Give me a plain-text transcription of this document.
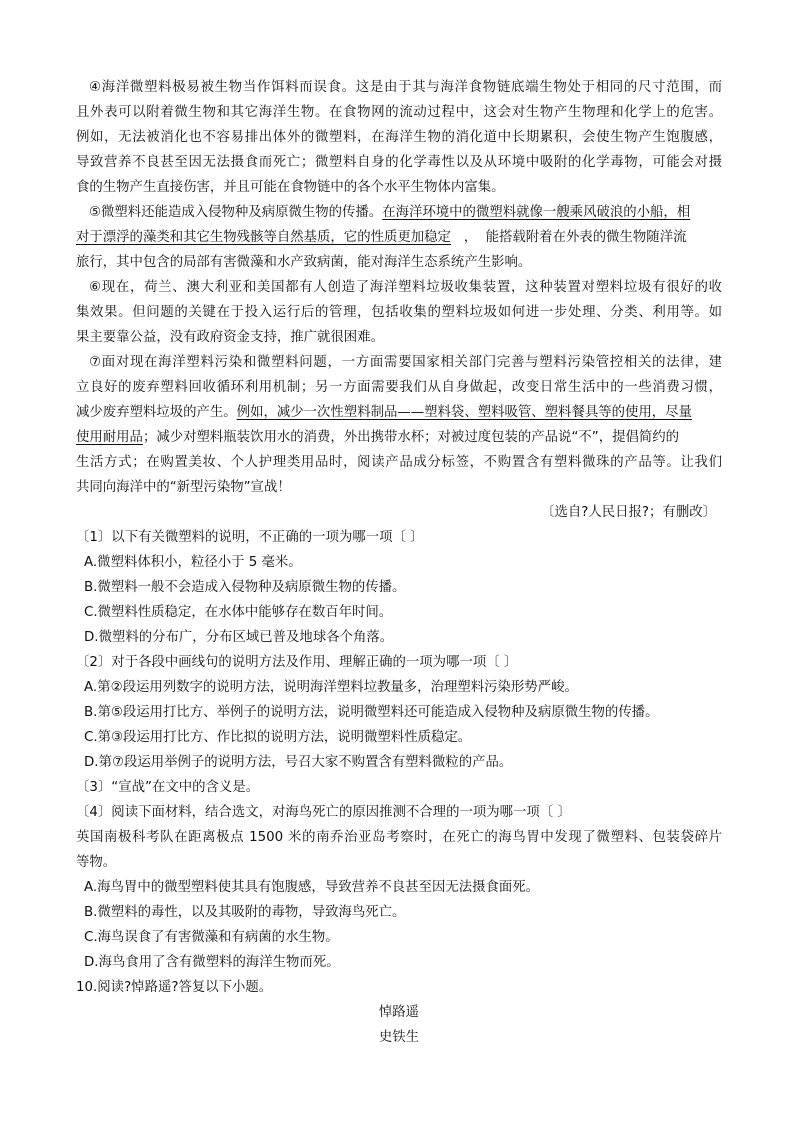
④海洋微塑料极易被生物当作饵料而误食。这是由于其与海洋食物链底端生物处于相同的尺寸范围，而
且外表可以附着微生物和其它海洋生物。在食物网的流动过程中，这会对生物产生物理和化学上的危害。
例如，无法被消化也不容易排出体外的微塑料，在海洋生物的消化道中长期累积，会使生物产生饱腹感，
导致营养不良甚至因无法摄食而死亡；微塑料自身的化学毒性以及从环境中吸附的化学毒物，可能会对摄
食的生物产生直接伤害，并且可能在食物链中的各个水平生物体内富集。
⑤微塑料还能造成入侵物种及病原微生物的传播。在海洋环境中的微塑料就像一艘乘风破浪的小船，相
对于漂浮的藻类和其它生物残骸等自然基质，它的性质更加稳定   ，  能搭载附着在外表的微生物随洋流
旅行，其中包含的局部有害微藻和水产致病菌，能对海洋生态系统产生影响。
⑥现在，荷兰、澳大利亚和美国都有人创造了海洋塑料垃圾收集装置，这种装置对塑料垃圾有很好的收
集效果。但问题的关键在于投入运行后的管理，包括收集的塑料垃圾如何进一步处理、分类、利用等。如
果主要靠公益，没有政府资金支持，推广就很困难。
⑦面对现在海洋塑料污染和微塑料问题，一方面需要国家相关部门完善与塑料污染管控相关的法律，建
立良好的废弃塑料回收循环利用机制；另一方面需要我们从自身做起，改变日常生活中的一些消费习惯，
减少废弃塑料垃圾的产生。例如，减少一次性塑料制品——塑料袋、塑料吸管、塑料餐具等的使用，尽量
使用耐用品；减少对塑料瓶装饮用水的消费，外出携带水杯；对被过度包装的产品说“不”，提倡简约的
生活方式；在购置美妆、个人护理类用品时，阅读产品成分标签，不购置含有塑料微珠的产品等。让我们
共同向海洋中的“新型污染物”宣战！
〔选自?人民日报?；有删改〕
〔1〕以下有关微塑料的说明，不正确的一项为哪一项〔 〕
A.微塑料体积小，粒径小于 5 毫米。
B.微塑料一般不会造成入侵物种及病原微生物的传播。
C.微塑料性质稳定，在水体中能够存在数百年时间。
D.微塑料的分布广，分布区域已普及地球各个角落。
〔2〕对于各段中画线句的说明方法及作用、理解正确的一项为哪一项〔 〕
A.第②段运用列数字的说明方法，说明海洋塑料垃教量多，治理塑料污染形势严峻。
B.第⑤段运用打比方、举例子的说明方法，说明微塑料还可能造成入侵物种及病原微生物的传播。
C.第③段运用打比方、作比拟的说明方法，说明微塑料性质稳定。
D.第⑦段运用举例子的说明方法，号召大家不购置含有塑料微粒的产品。
〔3〕“宣战”在文中的含义是。
〔4〕阅读下面材料，结合选文，对海鸟死亡的原因推测不合理的一项为哪一项〔 〕
英国南极科考队在距离极点 1500 米的南乔治亚岛考察时，在死亡的海鸟胃中发现了微塑料、包装袋碎片
等物。
A.海鸟胃中的微型塑料使其具有饱腹感，导致营养不良甚至因无法摄食面死。
B.微塑料的毒性，以及其吸附的毒物，导致海鸟死亡。
C.海鸟误食了有害微藻和有病菌的水生物。
D.海鸟食用了含有微塑料的海洋生物而死。
10.阅读?悼路遥?答复以下小题。
悼路遥
史铁生
